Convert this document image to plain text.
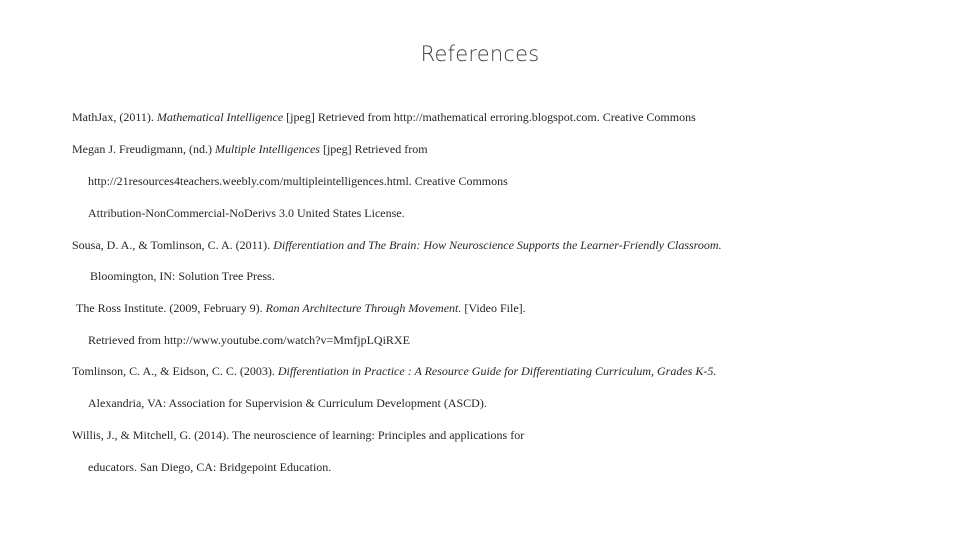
References
MathJax, (2011). Mathematical Intelligence [jpeg] Retrieved from http://mathematical erroring.blogspot.com. Creative Commons
Megan J. Freudigmann, (nd.) Multiple Intelligences [jpeg] Retrieved from
http://21resources4teachers.weebly.com/multipleintelligences.html. Creative Commons
Attribution-NonCommercial-NoDerivs 3.0 United States License.
Sousa, D. A., & Tomlinson, C. A. (2011). Differentiation and The Brain: How Neuroscience Supports the Learner-Friendly Classroom.
Bloomington, IN: Solution Tree Press.
The Ross Institute. (2009, February 9). Roman Architecture Through Movement. [Video File].
Retrieved from http://www.youtube.com/watch?v=MmfjpLQiRXE
Tomlinson, C. A., & Eidson, C. C. (2003). Differentiation in Practice : A Resource Guide for Differentiating Curriculum, Grades K-5.
Alexandria, VA: Association for Supervision & Curriculum Development (ASCD).
Willis, J., & Mitchell, G. (2014). The neuroscience of learning: Principles and applications for
educators. San Diego, CA: Bridgepoint Education.
